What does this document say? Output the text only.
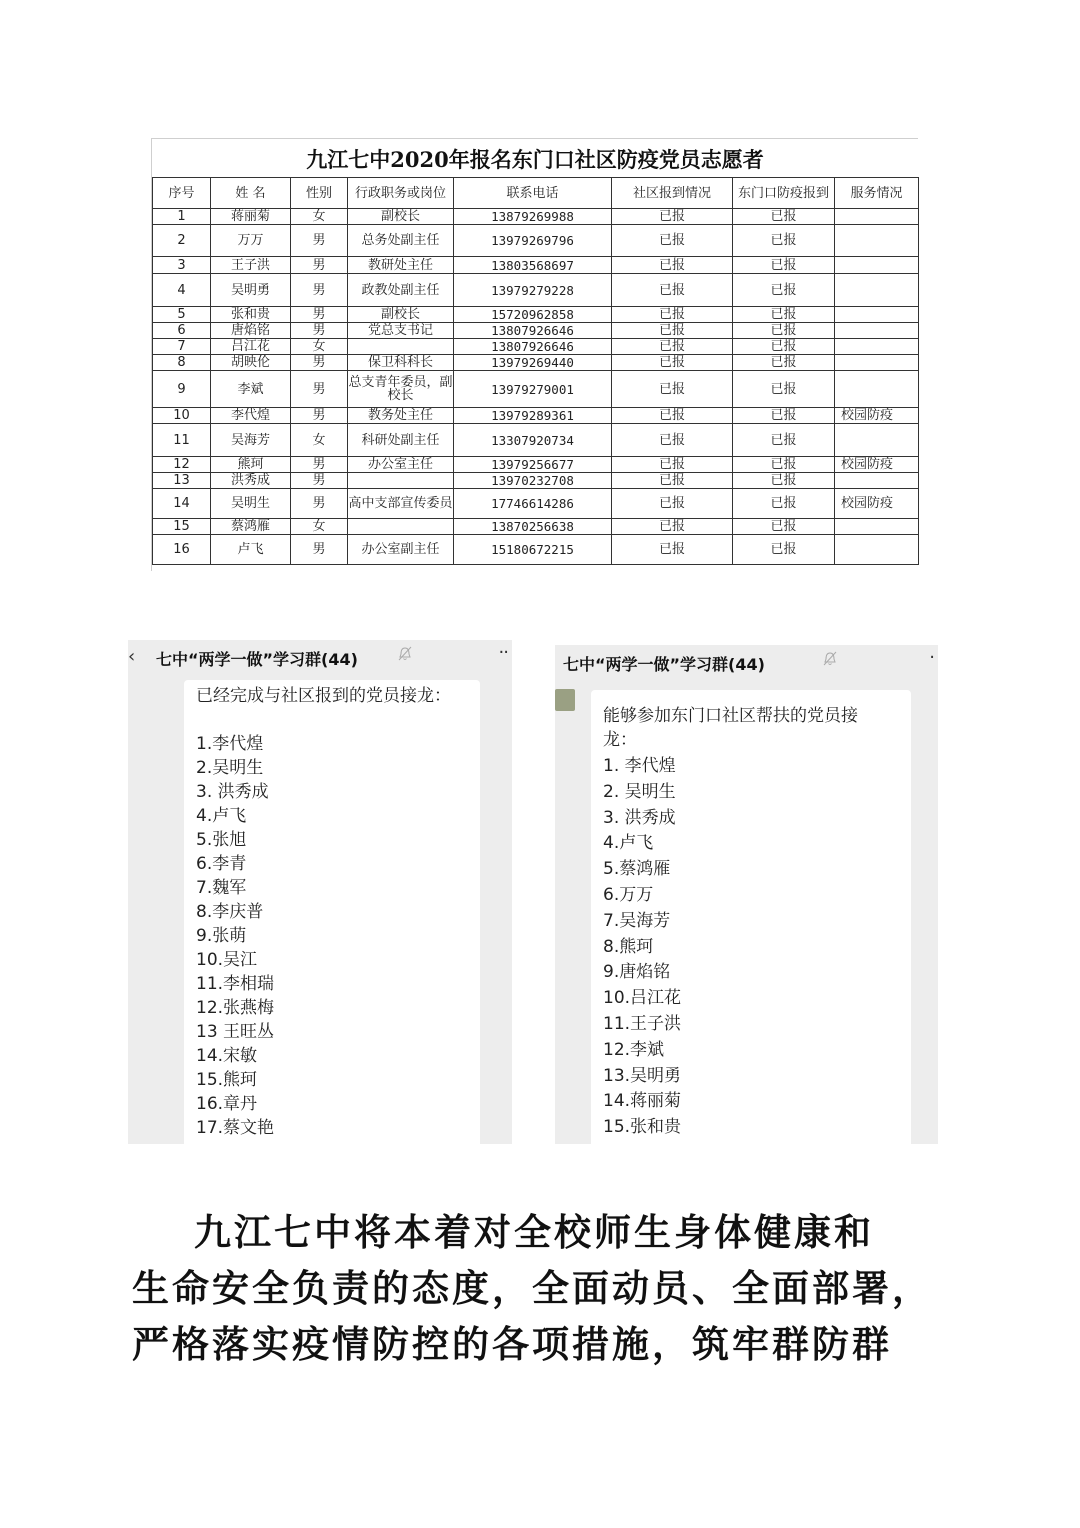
九江七中2020年报名东门口社区防疫党员志愿者
序号	姓 名	性别	行政职务或岗位	联系电话	社区报到情况	东门口防疫报到	服务情况
1	蒋丽菊	女	副校长	13879269988	已报	已报	
2	万万	男	总务处副主任	13979269796	已报	已报	
3	王子洪	男	教研处主任	13803568697	已报	已报	
4	吴明勇	男	政教处副主任	13979279228	已报	已报	
5	张和贵	男	副校长	15720962858	已报	已报	
6	唐焰铭	男	党总支书记	13807926646	已报	已报	
7	吕江花	女		13807926646	已报	已报	
8	胡映伦	男	保卫科科长	13979269440	已报	已报	
9	李斌	男	总支青年委员，副校长	13979279001	已报	已报	
10	李代煌	男	教务处主任	13979289361	已报	已报	校园防疫
11	吴海芳	女	科研处副主任	13307920734	已报	已报	
12	熊珂	男	办公室主任	13979256677	已报	已报	校园防疫
13	洪秀成	男		13970232708	已报	已报	
14	吴明生	男	高中支部宣传委员	17746614286	已报	已报	校园防疫
15	蔡鸿雁	女		13870256638	已报	已报	
16	卢飞	男	办公室副主任	15180672215	已报	已报	
‹ 七中“两学一做”学习群(44)	··
已经完成与社区报到的党员接龙：
1.李代煌
2.吴明生
3. 洪秀成
4.卢飞
5.张旭
6.李青
7.魏军
8.李庆普
9.张萌
10.吴江
11.李相瑞
12.张燕梅
13 王旺丛
14.宋敏
15.熊珂
16.章丹
17.蔡文艳
七中“两学一做”学习群(44)	·
能够参加东门口社区帮扶的党员接龙：
1. 李代煌
2. 吴明生
3. 洪秀成
4.卢飞
5.蔡鸿雁
6.万万
7.吴海芳
8.熊珂
9.唐焰铭
10.吕江花
11.王子洪
12.李斌
13.吴明勇
14.蒋丽菊
15.张和贵
九江七中将本着对全校师生身体健康和
生命安全负责的态度，全面动员、全面部署，
严格落实疫情防控的各项措施，筑牢群防群
